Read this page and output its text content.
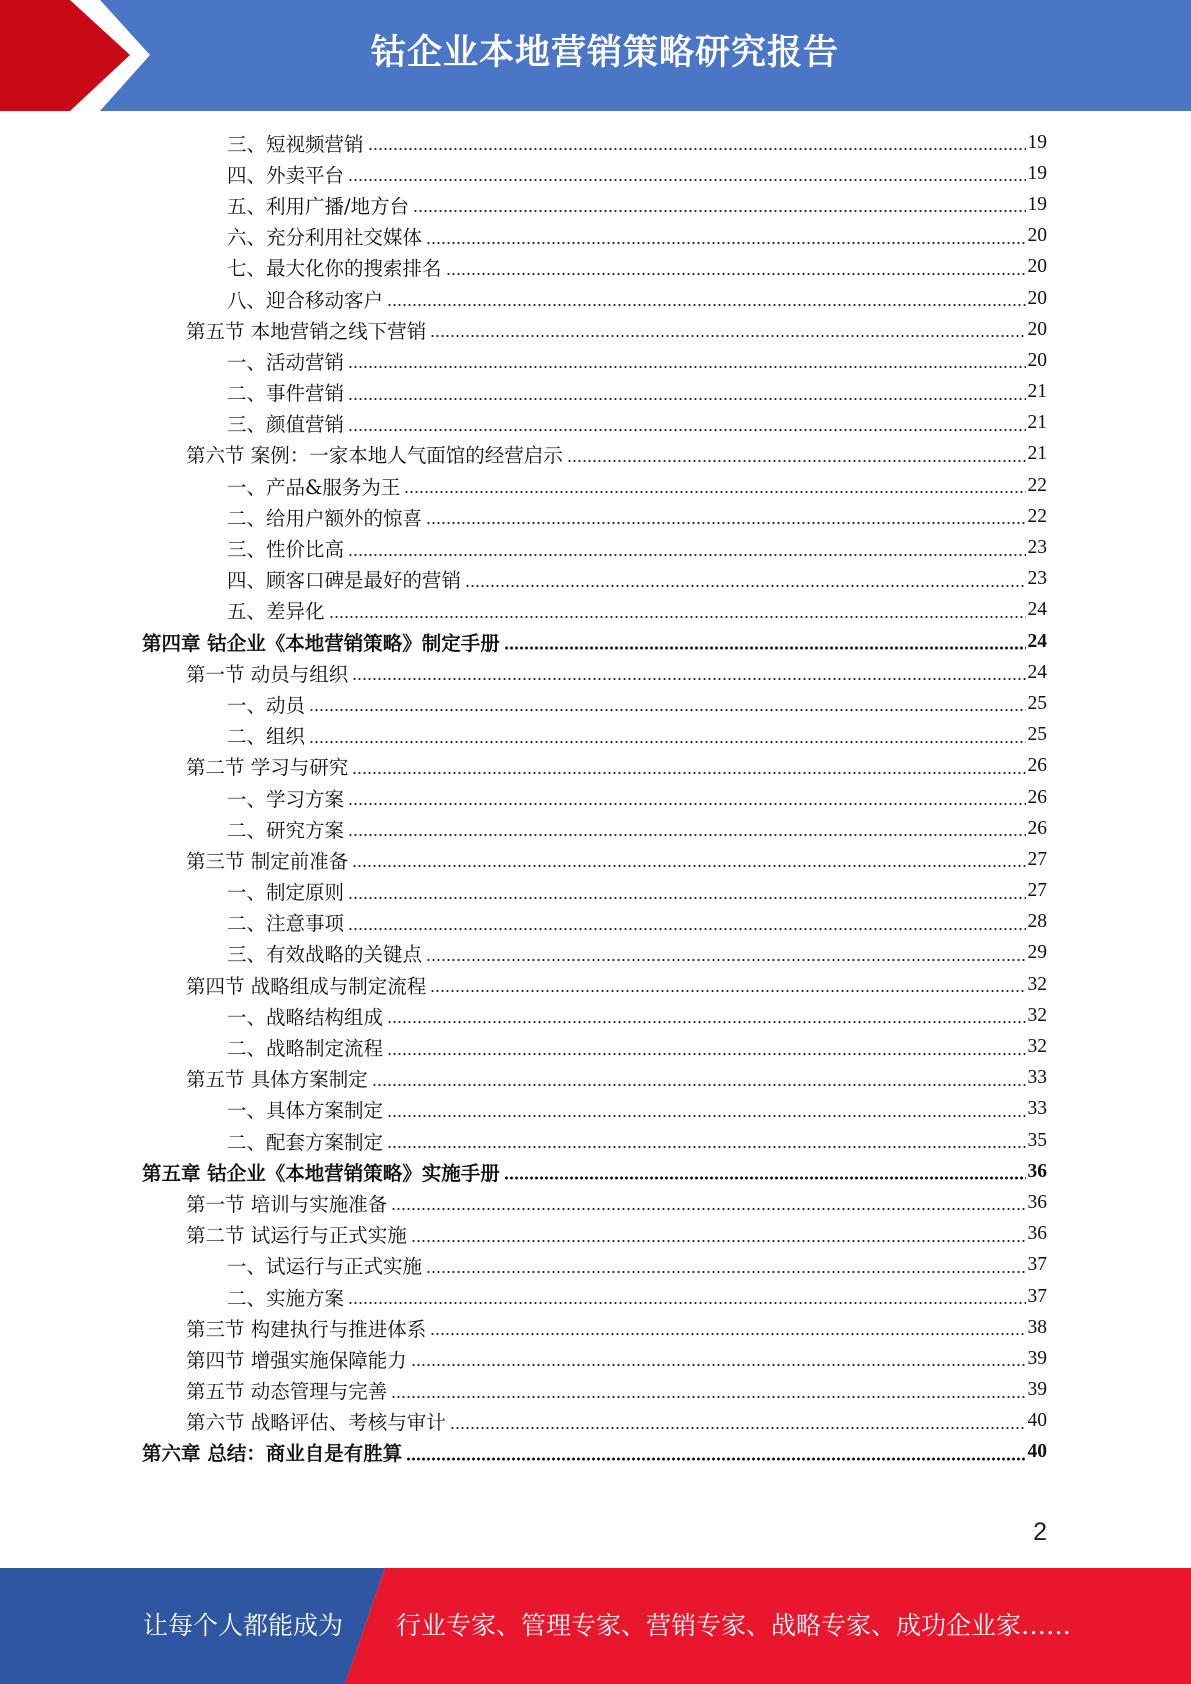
钴企业本地营销策略研究报告
三、短视频营销	19
四、外卖平台	19
五、利用广播/地方台	19
六、充分利用社交媒体	20
七、最大化你的搜索排名	20
八、迎合移动客户	20
第五节 本地营销之线下营销	20
一、活动营销	20
二、事件营销	21
三、颜值营销	21
第六节 案例：一家本地人气面馆的经营启示	21
一、产品&服务为王	22
二、给用户额外的惊喜	22
三、性价比高	23
四、顾客口碑是最好的营销	23
五、差异化	24
第四章 钴企业《本地营销策略》制定手册	24
第一节 动员与组织	24
一、动员	25
二、组织	25
第二节 学习与研究	26
一、学习方案	26
二、研究方案	26
第三节 制定前准备	27
一、制定原则	27
二、注意事项	28
三、有效战略的关键点	29
第四节 战略组成与制定流程	32
一、战略结构组成	32
二、战略制定流程	32
第五节 具体方案制定	33
一、具体方案制定	33
二、配套方案制定	35
第五章 钴企业《本地营销策略》实施手册	36
第一节 培训与实施准备	36
第二节 试运行与正式实施	36
一、试运行与正式实施	37
二、实施方案	37
第三节 构建执行与推进体系	38
第四节 增强实施保障能力	39
第五节 动态管理与完善	39
第六节 战略评估、考核与审计	40
第六章 总结：商业自是有胜算	40
2
让每个人都能成为 行业专家、管理专家、营销专家、战略专家、成功企业家……
